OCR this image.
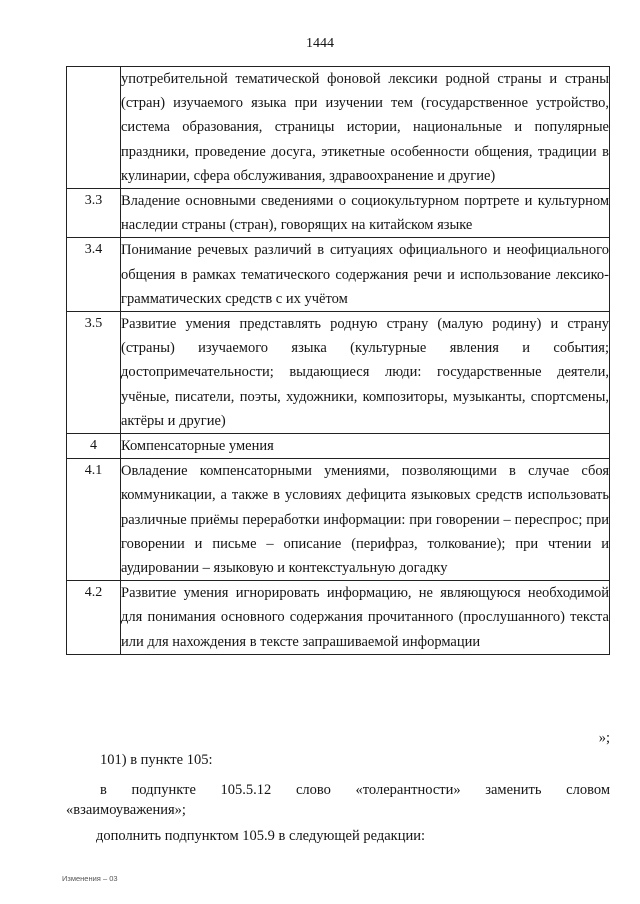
1444
	употребительной тематической фоновой лексики родной страны и страны (стран) изучаемого языка при изучении тем (государственное устройство, система образования, страницы истории, национальные и популярные праздники, проведение досуга, этикетные особенности общения, традиции в кулинарии, сфера обслуживания, здравоохранение и другие)
3.3	Владение основными сведениями о социокультурном портрете и культурном наследии страны (стран), говорящих на китайском языке
3.4	Понимание речевых различий в ситуациях официального и неофициального общения в рамках тематического содержания речи и использование лексико-грамматических средств с их учётом
3.5	Развитие умения представлять родную страну (малую родину) и страну (страны) изучаемого языка (культурные явления и события; достопримечательности; выдающиеся люди: государственные деятели, учёные, писатели, поэты, художники, композиторы, музыканты, спортсмены, актёры и другие)
4	Компенсаторные умения
4.1	Овладение компенсаторными умениями, позволяющими в случае сбоя коммуникации, а также в условиях дефицита языковых средств использовать различные приёмы переработки информации: при говорении – переспрос; при говорении и письме – описание (перифраз, толкование); при чтении и аудировании – языковую и контекстуальную догадку
4.2	Развитие умения игнорировать информацию, не являющуюся необходимой для понимания основного содержания прочитанного (прослушанного) текста или для нахождения в тексте запрашиваемой информации
»;
101) в пункте 105:
в подпункте 105.5.12 слово «толерантности» заменить словом
«взаимоуважения»;
дополнить подпунктом 105.9 в следующей редакции:
Изменения – 03
